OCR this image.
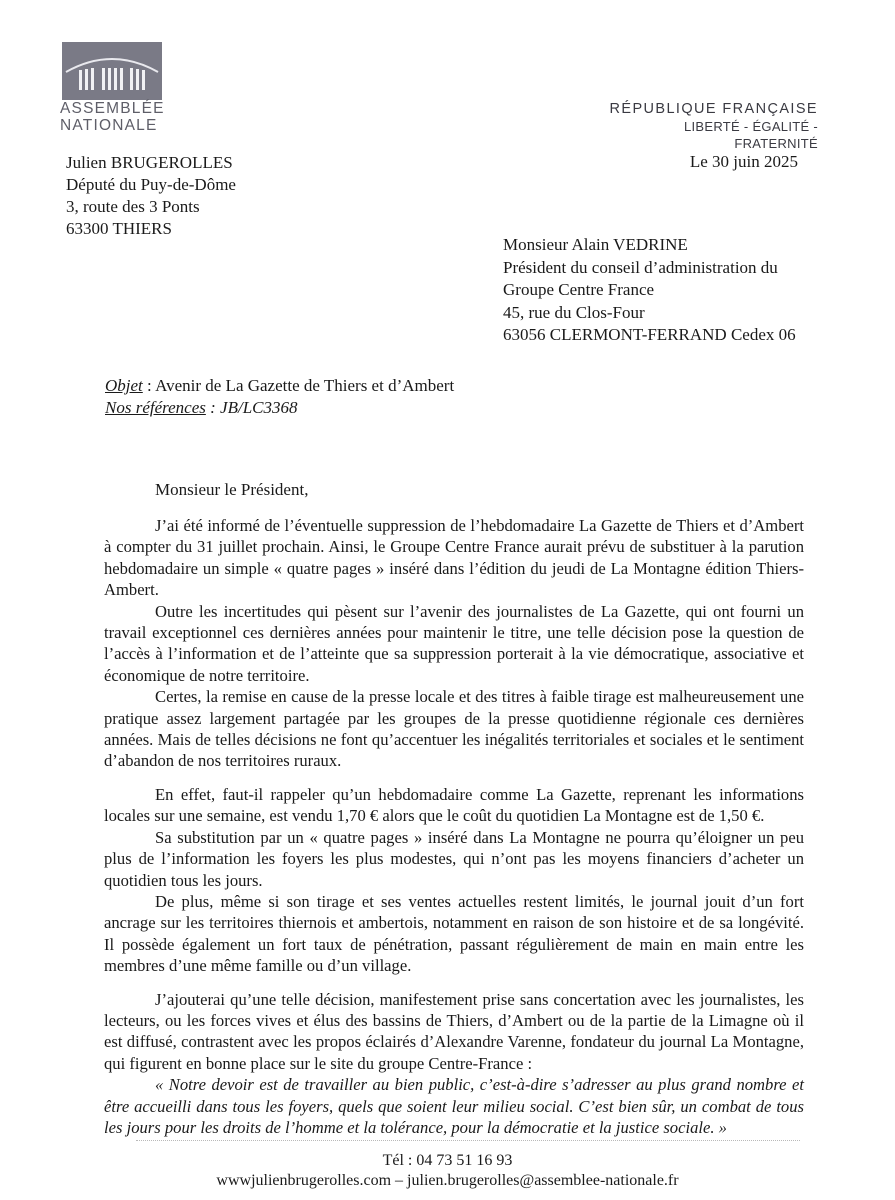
ASSEMBLÉE
NATIONALE
RÉPUBLIQUE FRANÇAISE
LIBERTÉ - ÉGALITÉ - FRATERNITÉ
Julien BRUGEROLLES
Député du Puy-de-Dôme
3, route des 3 Ponts
63300 THIERS
Le 30 juin 2025
Monsieur Alain VEDRINE
Président du conseil d’administration du
Groupe Centre France
45, rue du Clos-Four
63056 CLERMONT-FERRAND Cedex 06
Objet : Avenir de La Gazette de Thiers et d’Ambert
Nos références : JB/LC3368
Monsieur le Président,

J’ai été informé de l’éventuelle suppression de l’hebdomadaire La Gazette de Thiers et d’Ambert à compter du 31 juillet prochain. Ainsi, le Groupe Centre France aurait prévu de substituer à la parution hebdomadaire un simple « quatre pages » inséré dans l’édition du jeudi de La Montagne édition Thiers-Ambert.

Outre les incertitudes qui pèsent sur l’avenir des journalistes de La Gazette, qui ont fourni un travail exceptionnel ces dernières années pour maintenir le titre, une telle décision pose la question de l’accès à l’information et de l’atteinte que sa suppression porterait à la vie démocratique, associative et économique de notre territoire.

Certes, la remise en cause de la presse locale et des titres à faible tirage est malheureusement une pratique assez largement partagée par les groupes de la presse quotidienne régionale ces dernières années. Mais de telles décisions ne font qu’accentuer les inégalités territoriales et sociales et le sentiment d’abandon de nos territoires ruraux.

En effet, faut-il rappeler qu’un hebdomadaire comme La Gazette, reprenant les informations locales sur une semaine, est vendu 1,70 € alors que le coût du quotidien La Montagne est de 1,50 €.

Sa substitution par un « quatre pages » inséré dans La Montagne ne pourra qu’éloigner un peu plus de l’information les foyers les plus modestes, qui n’ont pas les moyens financiers d’acheter un quotidien tous les jours.

De plus, même si son tirage et ses ventes actuelles restent limités, le journal jouit d’un fort ancrage sur les territoires thiernois et ambertois, notamment en raison de son histoire et de sa longévité. Il possède également un fort taux de pénétration, passant régulièrement de main en main entre les membres d’une même famille ou d’un village.

J’ajouterai qu’une telle décision, manifestement prise sans concertation avec les journalistes, les lecteurs, ou les forces vives et élus des bassins de Thiers, d’Ambert ou de la partie de la Limagne où il est diffusé, contrastent avec les propos éclairés d’Alexandre Varenne, fondateur du journal La Montagne, qui figurent en bonne place sur le site du groupe Centre-France :

« Notre devoir est de travailler au bien public, c’est-à-dire s’adresser au plus grand nombre et être accueilli dans tous les foyers, quels que soient leur milieu social. C’est bien sûr, un combat de tous les jours pour les droits de l’homme et la tolérance, pour la démocratie et la justice sociale. »

Tél : 04 73 51 16 93
wwwjulienbrugerolles.com – julien.brugerolles@assemblee-nationale.fr
